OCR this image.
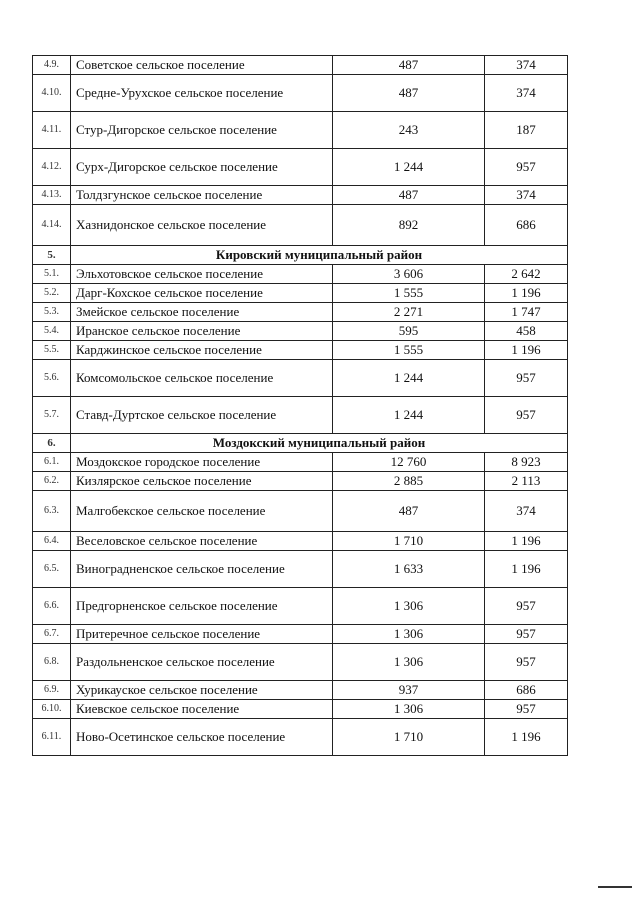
4.9.	Советское сельское поселение	487	374
4.10.	Средне-Урухское сельское поселение	487	374
4.11.	Стур-Дигорское сельское поселение	243	187
4.12.	Сурх-Дигорское сельское поселение	1 244	957
4.13.	Толдзгунское сельское поселение	487	374
4.14.	Хазнидонское сельское поселение	892	686
5.	Кировский муниципальный район		
5.1.	Эльхотовское сельское поселение	3 606	2 642
5.2.	Дарг-Кохское сельское поселение	1 555	1 196
5.3.	Змейское сельское поселение	2 271	1 747
5.4.	Иранское сельское поселение	595	458
5.5.	Карджинское сельское поселение	1 555	1 196
5.6.	Комсомольское сельское поселение	1 244	957
5.7.	Ставд-Дуртское сельское поселение	1 244	957
6.	Моздокский муниципальный район		
6.1.	Моздокское городское поселение	12 760	8 923
6.2.	Кизлярское сельское поселение	2 885	2 113
6.3.	Малгобекское сельское поселение	487	374
6.4.	Веселовское сельское поселение	1 710	1 196
6.5.	Виноградненское сельское поселение	1 633	1 196
6.6.	Предгорненское сельское поселение	1 306	957
6.7.	Притеречное сельское поселение	1 306	957
6.8.	Раздольненское сельское поселение	1 306	957
6.9.	Хурикауское сельское поселение	937	686
6.10.	Киевское сельское поселение	1 306	957
6.11.	Ново-Осетинское сельское поселение	1 710	1 196
